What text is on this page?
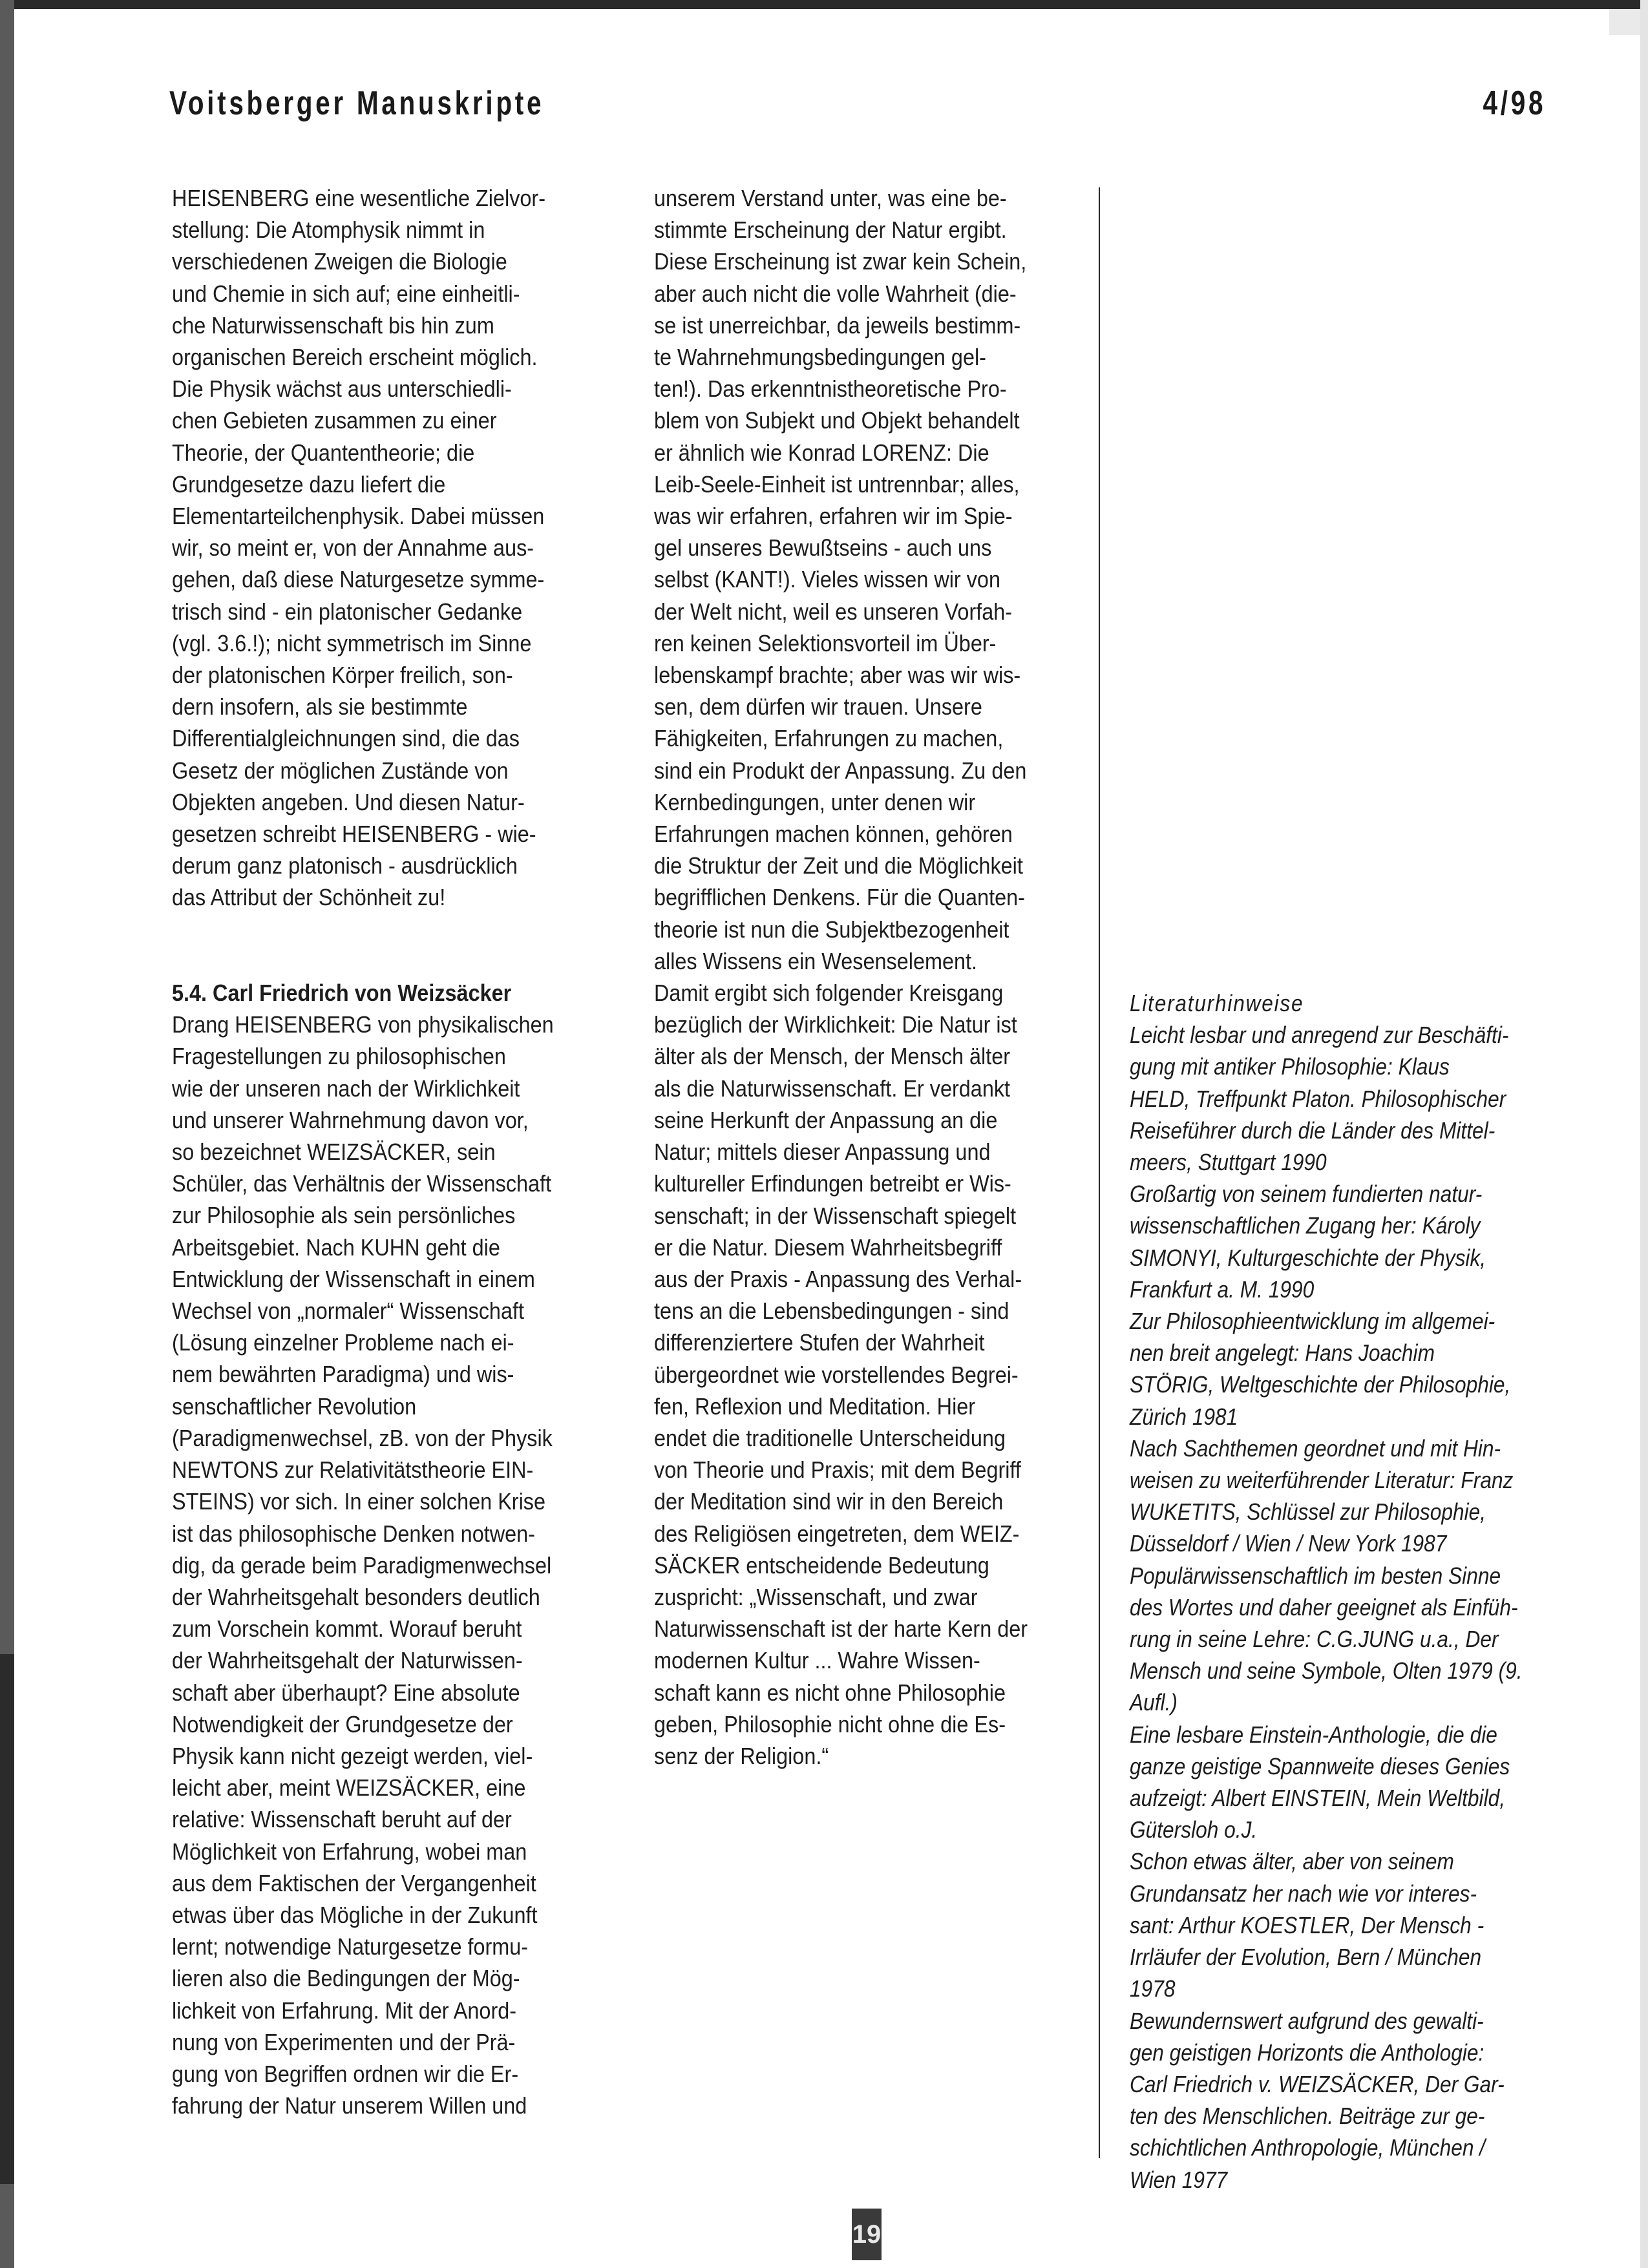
Voitsberger Manuskripte	4/98

HEISENBERG eine wesentliche Zielvor-

stellung: Die Atomphysik nimmt in

verschiedenen Zweigen die Biologie

und Chemie in sich auf; eine einheitli-

che Naturwissenschaft bis hin zum

organischen Bereich erscheint möglich.

Die Physik wächst aus unterschiedli-

chen Gebieten zusammen zu einer

Theorie, der Quantentheorie; die

Grundgesetze dazu liefert die

Elementarteilchenphysik. Dabei müssen

wir, so meint er, von der Annahme aus-

gehen, daß diese Naturgesetze symme-

trisch sind - ein platonischer Gedanke

(vgl. 3.6.!); nicht symmetrisch im Sinne

der platonischen Körper freilich, son-

dern insofern, als sie bestimmte

Differentialgleichnungen sind, die das

Gesetz der möglichen Zustände von

Objekten angeben. Und diesen Natur-

gesetzen schreibt HEISENBERG - wie-

derum ganz platonisch - ausdrücklich

das Attribut der Schönheit zu!

5.4. Carl Friedrich von Weizsäcker

Drang HEISENBERG von physikalischen

Fragestellungen zu philosophischen

wie der unseren nach der Wirklichkeit

und unserer Wahrnehmung davon vor,

so bezeichnet WEIZSÄCKER, sein

Schüler, das Verhältnis der Wissenschaft

zur Philosophie als sein persönliches

Arbeitsgebiet. Nach KUHN geht die

Entwicklung der Wissenschaft in einem

Wechsel von „normaler“ Wissenschaft

(Lösung einzelner Probleme nach ei-

nem bewährten Paradigma) und wis-

senschaftlicher Revolution

(Paradigmenwechsel, zB. von der Physik

NEWTONS zur Relativitätstheorie EIN-

STEINS) vor sich. In einer solchen Krise

ist das philosophische Denken notwen-

dig, da gerade beim Paradigmenwechsel

der Wahrheitsgehalt besonders deutlich

zum Vorschein kommt. Worauf beruht

der Wahrheitsgehalt der Naturwissen-

schaft aber überhaupt? Eine absolute

Notwendigkeit der Grundgesetze der

Physik kann nicht gezeigt werden, viel-

leicht aber, meint WEIZSÄCKER, eine

relative: Wissenschaft beruht auf der

Möglichkeit von Erfahrung, wobei man

aus dem Faktischen der Vergangenheit

etwas über das Mögliche in der Zukunft

lernt; notwendige Naturgesetze formu-

lieren also die Bedingungen der Mög-

lichkeit von Erfahrung. Mit der Anord-

nung von Experimenten und der Prä-

gung von Begriffen ordnen wir die Er-

fahrung der Natur unserem Willen und

unserem Verstand unter, was eine be-

stimmte Erscheinung der Natur ergibt.

Diese Erscheinung ist zwar kein Schein,

aber auch nicht die volle Wahrheit (die-

se ist unerreichbar, da jeweils bestimm-

te Wahrnehmungsbedingungen gel-

ten!). Das erkenntnistheoretische Pro-

blem von Subjekt und Objekt behandelt

er ähnlich wie Konrad LORENZ: Die

Leib-Seele-Einheit ist untrennbar; alles,

was wir erfahren, erfahren wir im Spie-

gel unseres Bewußtseins - auch uns

selbst (KANT!). Vieles wissen wir von

der Welt nicht, weil es unseren Vorfah-

ren keinen Selektionsvorteil im Über-

lebenskampf brachte; aber was wir wis-

sen, dem dürfen wir trauen. Unsere

Fähigkeiten, Erfahrungen zu machen,

sind ein Produkt der Anpassung. Zu den

Kernbedingungen, unter denen wir

Erfahrungen machen können, gehören

die Struktur der Zeit und die Möglichkeit

begrifflichen Denkens. Für die Quanten-

theorie ist nun die Subjektbezogenheit

alles Wissens ein Wesenselement.

Damit ergibt sich folgender Kreisgang

bezüglich der Wirklichkeit: Die Natur ist

älter als der Mensch, der Mensch älter

als die Naturwissenschaft. Er verdankt

seine Herkunft der Anpassung an die

Natur; mittels dieser Anpassung und

kultureller Erfindungen betreibt er Wis-

senschaft; in der Wissenschaft spiegelt

er die Natur. Diesem Wahrheitsbegriff

aus der Praxis - Anpassung des Verhal-

tens an die Lebensbedingungen - sind

differenziertere Stufen der Wahrheit

übergeordnet wie vorstellendes Begrei-

fen, Reflexion und Meditation. Hier

endet die traditionelle Unterscheidung

von Theorie und Praxis; mit dem Begriff

der Meditation sind wir in den Bereich

des Religiösen eingetreten, dem WEIZ-

SÄCKER entscheidende Bedeutung

zuspricht: „Wissenschaft, und zwar

Naturwissenschaft ist der harte Kern der

modernen Kultur ... Wahre Wissen-

schaft kann es nicht ohne Philosophie

geben, Philosophie nicht ohne die Es-

senz der Religion.“

Literaturhinweise

Leicht lesbar und anregend zur Beschäfti-

gung mit antiker Philosophie: Klaus

HELD, Treffpunkt Platon. Philosophischer

Reiseführer durch die Länder des Mittel-

meers, Stuttgart 1990

Großartig von seinem fundierten natur-

wissenschaftlichen Zugang her: Károly

SIMONYI, Kulturgeschichte der Physik,

Frankfurt a. M. 1990

Zur Philosophieentwicklung im allgemei-

nen breit angelegt: Hans Joachim

STÖRIG, Weltgeschichte der Philosophie,

Zürich 1981

Nach Sachthemen geordnet und mit Hin-

weisen zu weiterführender Literatur: Franz

WUKETITS, Schlüssel zur Philosophie,

Düsseldorf / Wien / New York 1987

Populärwissenschaftlich im besten Sinne

des Wortes und daher geeignet als Einfüh-

rung in seine Lehre: C.G.JUNG u.a., Der

Mensch und seine Symbole, Olten 1979 (9.

Aufl.)

Eine lesbare Einstein-Anthologie, die die

ganze geistige Spannweite dieses Genies

aufzeigt: Albert EINSTEIN, Mein Weltbild,

Gütersloh o.J.

Schon etwas älter, aber von seinem

Grundansatz her nach wie vor interes-

sant: Arthur KOESTLER, Der Mensch -

Irrläufer der Evolution, Bern / München

1978

Bewundernswert aufgrund des gewalti-

gen geistigen Horizonts die Anthologie:

Carl Friedrich v. WEIZSÄCKER, Der Gar-

ten des Menschlichen. Beiträge zur ge-

schichtlichen Anthropologie, München /

Wien 1977

19
